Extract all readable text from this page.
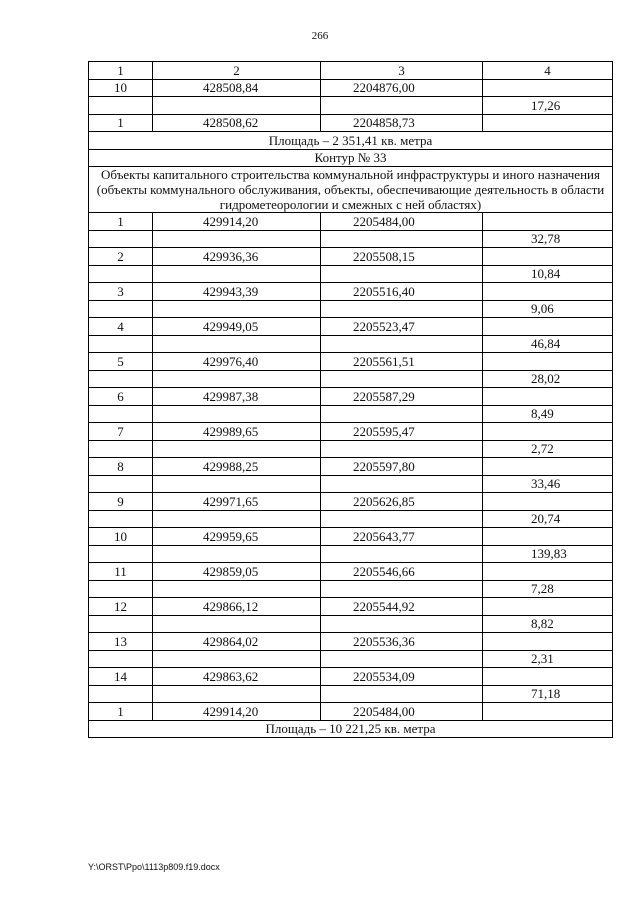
266
1	2	3	4
10	428508,84	2204876,00	
			17,26
1	428508,62	2204858,73	
Площадь – 2 351,41 кв. метра			
Контур № 33			
Объекты капитального строительства коммунальной инфраструктуры и иного назначения (объекты коммунального обслуживания, объекты, обеспечивающие деятельность в области гидрометеорологии и смежных с ней областях)			
1	429914,20	2205484,00	
			32,78
2	429936,36	2205508,15	
			10,84
3	429943,39	2205516,40	
			9,06
4	429949,05	2205523,47	
			46,84
5	429976,40	2205561,51	
			28,02
6	429987,38	2205587,29	
			8,49
7	429989,65	2205595,47	
			2,72
8	429988,25	2205597,80	
			33,46
9	429971,65	2205626,85	
			20,74
10	429959,65	2205643,77	
			139,83
11	429859,05	2205546,66	
			7,28
12	429866,12	2205544,92	
			8,82
13	429864,02	2205536,36	
			2,31
14	429863,62	2205534,09	
			71,18
1	429914,20	2205484,00	
Площадь – 10 221,25 кв. метра			
Y:\ORST\Ppo\1113p809.f19.docx
